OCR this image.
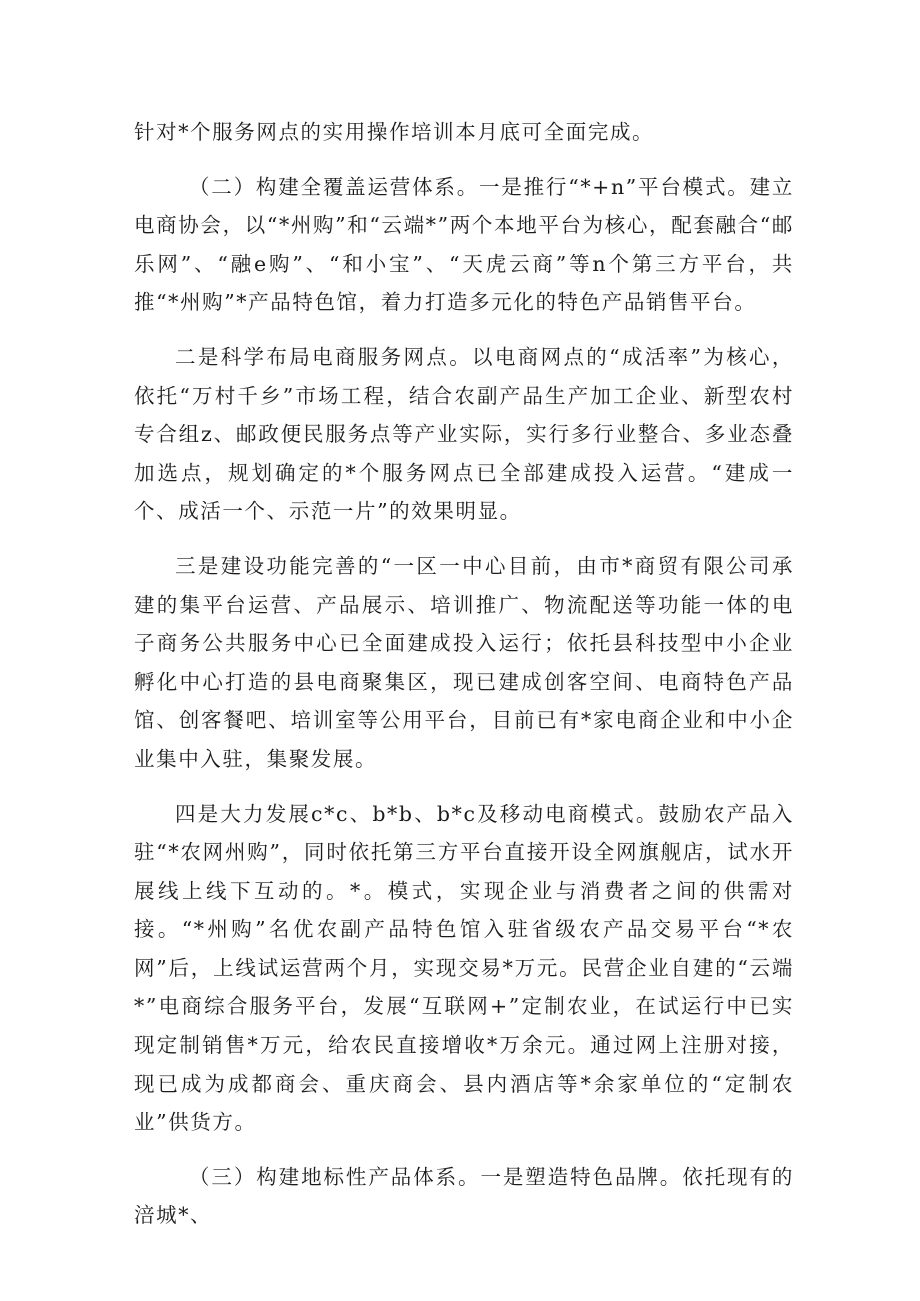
针对*个服务网点的实用操作培训本月底可全面完成。

（二）构建全覆盖运营体系。一是推行“*+n”平台模式。建立电商协会，以“*州购”和“云端*”两个本地平台为核心，配套融合“邮乐网”、“融e购”、“和小宝”、“天虎云商”等n个第三方平台，共推“*州购”*产品特色馆，着力打造多元化的特色产品销售平台。

二是科学布局电商服务网点。以电商网点的“成活率”为核心，依托“万村千乡”市场工程，结合农副产品生产加工企业、新型农村专合组z、邮政便民服务点等产业实际，实行多行业整合、多业态叠加选点，规划确定的*个服务网点已全部建成投入运营。“建成一个、成活一个、示范一片”的效果明显。

三是建设功能完善的“一区一中心目前，由市*商贸有限公司承建的集平台运营、产品展示、培训推广、物流配送等功能一体的电子商务公共服务中心已全面建成投入运行；依托县科技型中小企业孵化中心打造的县电商聚集区，现已建成创客空间、电商特色产品馆、创客餐吧、培训室等公用平台，目前已有*家电商企业和中小企业集中入驻，集聚发展。

四是大力发展c*c、b*b、b*c及移动电商模式。鼓励农产品入驻“*农网州购”，同时依托第三方平台直接开设全网旗舰店，试水开展线上线下互动的。*。模式，实现企业与消费者之间的供需对接。“*州购”名优农副产品特色馆入驻省级农产品交易平台“*农网”后，上线试运营两个月，实现交易*万元。民营企业自建的“云端*”电商综合服务平台，发展“互联网+”定制农业，在试运行中已实现定制销售*万元，给农民直接增收*万余元。通过网上注册对接，现已成为成都商会、重庆商会、县内酒店等*余家单位的“定制农业”供货方。

（三）构建地标性产品体系。一是塑造特色品牌。依托现有的涪城*、
